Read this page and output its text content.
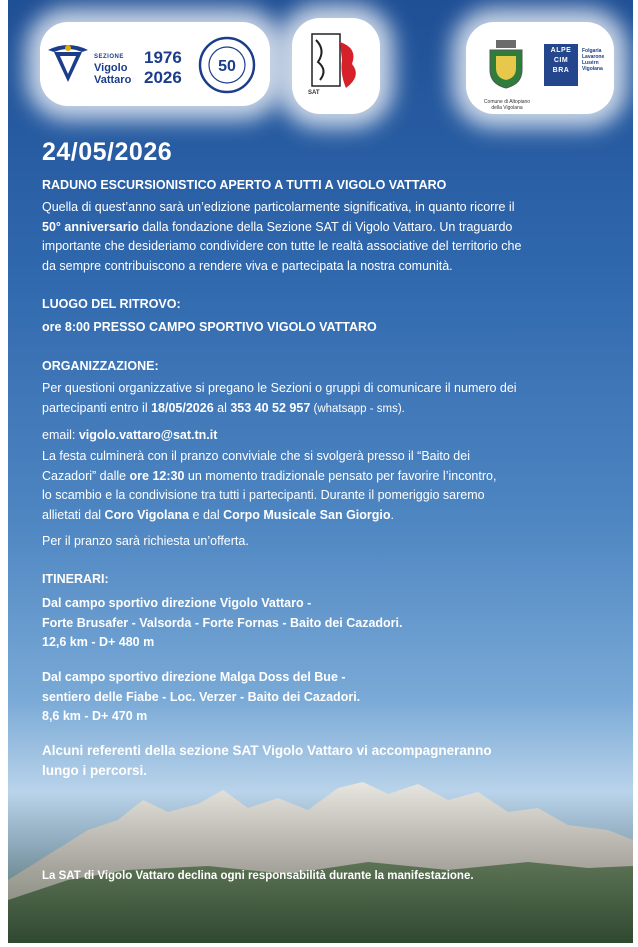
SEZIONE
Vigolo
Vattaro
1976
2026
50
SAT
Comune di Altopiano
della Vigolana
ALPE
CIM
BRA
Folgaria
Lavarone
Lusérn
Vigolana
24/05/2026
RADUNO ESCURSIONISTICO APERTO A TUTTI A VIGOLO VATTARO
Quella di quest’anno sarà un’edizione particolarmente significativa, in quanto ricorre il
50° anniversario dalla fondazione della Sezione SAT di Vigolo Vattaro. Un traguardo
importante che desideriamo condividere con tutte le realtà associative del territorio che
da sempre contribuiscono a rendere viva e partecipata la nostra comunità.
LUOGO DEL RITROVO:
ore 8:00 PRESSO CAMPO SPORTIVO VIGOLO VATTARO
ORGANIZZAZIONE:
Per questioni organizzative si pregano le Sezioni o gruppi di comunicare il numero dei
partecipanti entro il 18/05/2026 al 353 40 52 957 (whatsapp - sms).
email: vigolo.vattaro@sat.tn.it
La festa culminerà con il pranzo conviviale che si svolgerà presso il “Baito dei
Cazadori” dalle ore 12:30 un momento tradizionale pensato per favorire l’incontro,
lo scambio e la condivisione tra tutti i partecipanti. Durante il pomeriggio saremo
allietati dal Coro Vigolana e dal Corpo Musicale San Giorgio.
Per il pranzo sarà richiesta un’offerta.
ITINERARI:
Dal campo sportivo direzione Vigolo Vattaro -
Forte Brusafer - Valsorda - Forte Fornas - Baito dei Cazadori.
12,6 km - D+ 480 m
Dal campo sportivo direzione Malga Doss del Bue -
sentiero delle Fiabe - Loc. Verzer - Baito dei Cazadori.
8,6 km - D+ 470 m
Alcuni referenti della sezione SAT Vigolo Vattaro vi accompagneranno
lungo i percorsi.
La SAT di Vigolo Vattaro declina ogni responsabilità durante la manifestazione.
